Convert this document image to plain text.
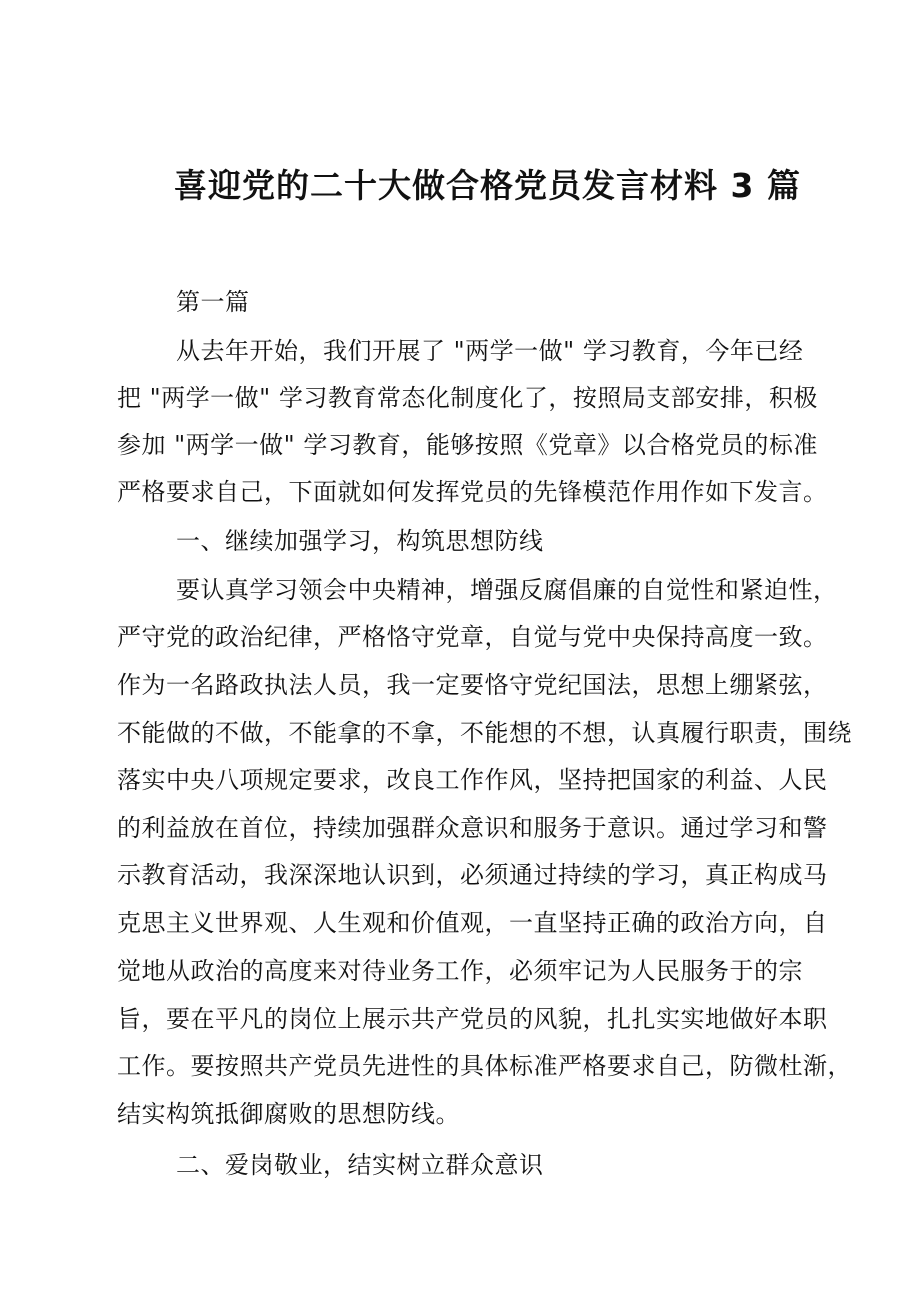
喜迎党的二十大做合格党员发言材料 3 篇
第一篇
从去年开始，我们开展了 "两学一做" 学习教育，今年已经
把 "两学一做" 学习教育常态化制度化了，按照局支部安排，积极
参加 "两学一做" 学习教育，能够按照《党章》以合格党员的标准
严格要求自己，下面就如何发挥党员的先锋模范作用作如下发言。
一、继续加强学习，构筑思想防线
要认真学习领会中央精神，增强反腐倡廉的自觉性和紧迫性，
严守党的政治纪律，严格恪守党章，自觉与党中央保持高度一致。
作为一名路政执法人员，我一定要恪守党纪国法，思想上绷紧弦，
不能做的不做，不能拿的不拿，不能想的不想，认真履行职责，围绕
落实中央八项规定要求，改良工作作风，坚持把国家的利益、人民
的利益放在首位，持续加强群众意识和服务于意识。通过学习和警
示教育活动，我深深地认识到，必须通过持续的学习，真正构成马
克思主义世界观、人生观和价值观，一直坚持正确的政治方向，自
觉地从政治的高度来对待业务工作，必须牢记为人民服务于的宗
旨，要在平凡的岗位上展示共产党员的风貌，扎扎实实地做好本职
工作。要按照共产党员先进性的具体标准严格要求自己，防微杜渐，
结实构筑抵御腐败的思想防线。
二、爱岗敬业，结实树立群众意识
